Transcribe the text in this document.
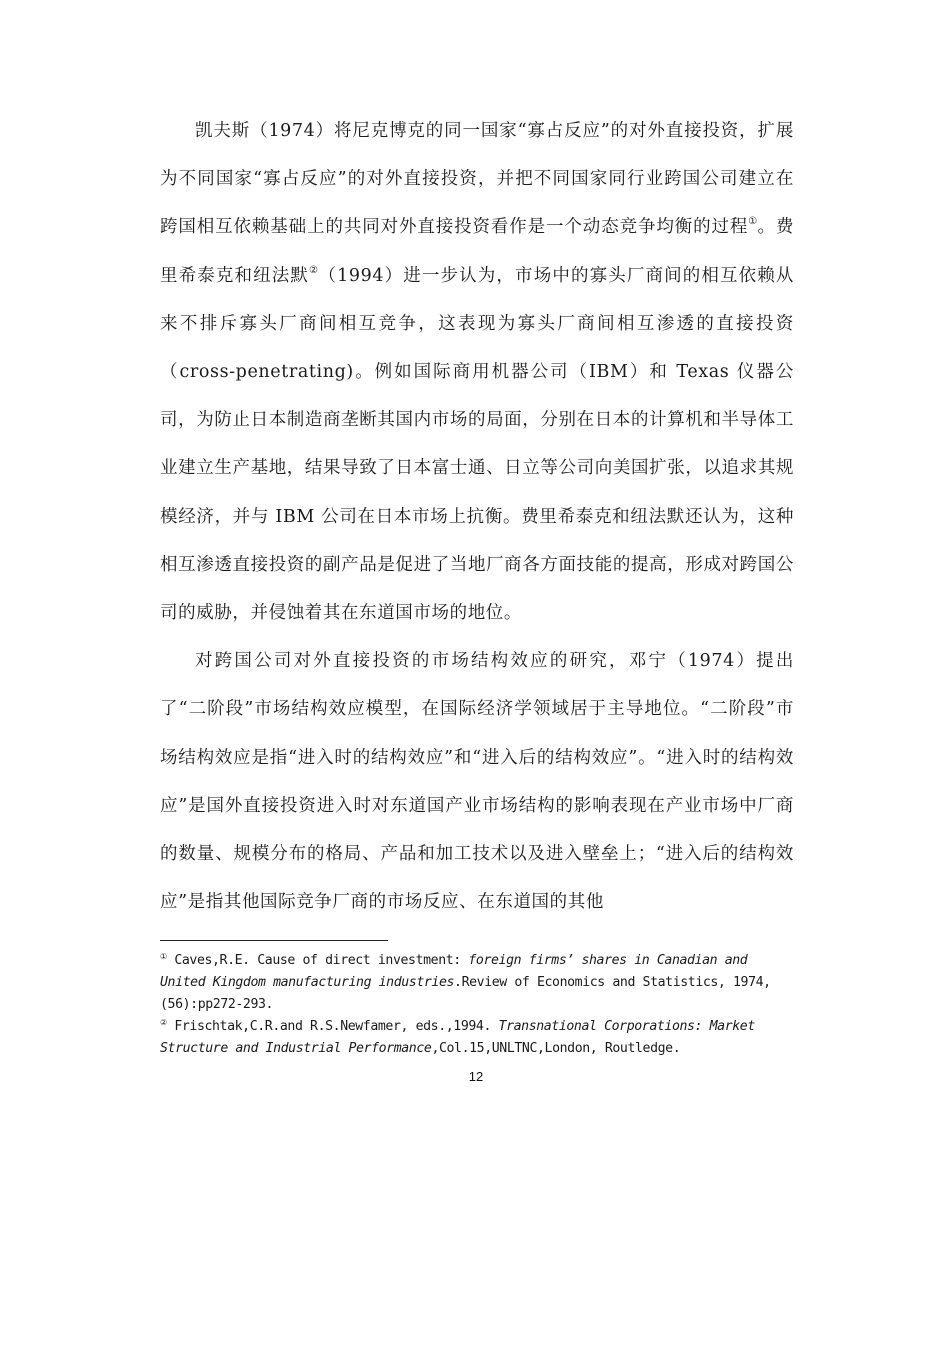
凯夫斯（1974）将尼克博克的同一国家“寡占反应”的对外直接投资，扩展为不同国家“寡占反应”的对外直接投资，并把不同国家同行业跨国公司建立在跨国相互依赖基础上的共同对外直接投资看作是一个动态竞争均衡的过程①。费里希泰克和纽法默②（1994）进一步认为，市场中的寡头厂商间的相互依赖从来不排斥寡头厂商间相互竞争，这表现为寡头厂商间相互渗透的直接投资（cross-penetrating)。例如国际商用机器公司（IBM）和 Texas 仪器公司，为防止日本制造商垄断其国内市场的局面，分别在日本的计算机和半导体工业建立生产基地，结果导致了日本富士通、日立等公司向美国扩张，以追求其规模经济，并与 IBM 公司在日本市场上抗衡。费里希泰克和纽法默还认为，这种相互渗透直接投资的副产品是促进了当地厂商各方面技能的提高，形成对跨国公司的威胁，并侵蚀着其在东道国市场的地位。

对跨国公司对外直接投资的市场结构效应的研究，邓宁（1974）提出了“二阶段”市场结构效应模型，在国际经济学领域居于主导地位。“二阶段”市场结构效应是指“进入时的结构效应”和“进入后的结构效应”。“进入时的结构效应”是国外直接投资进入时对东道国产业市场结构的影响表现在产业市场中厂商的数量、规模分布的格局、产品和加工技术以及进入壁垒上；“进入后的结构效应”是指其他国际竞争厂商的市场反应、在东道国的其他

① Caves,R.E. Cause of direct investment: foreign firms’ shares in Canadian and United Kingdom manufacturing industries.Review of Economics and Statistics, 1974,(56):pp272-293.

② Frischtak,C.R.and R.S.Newfamer, eds.,1994. Transnational Corporations: Market Structure and Industrial Performance,Col.15,UNLTNC,London, Routledge.

12
